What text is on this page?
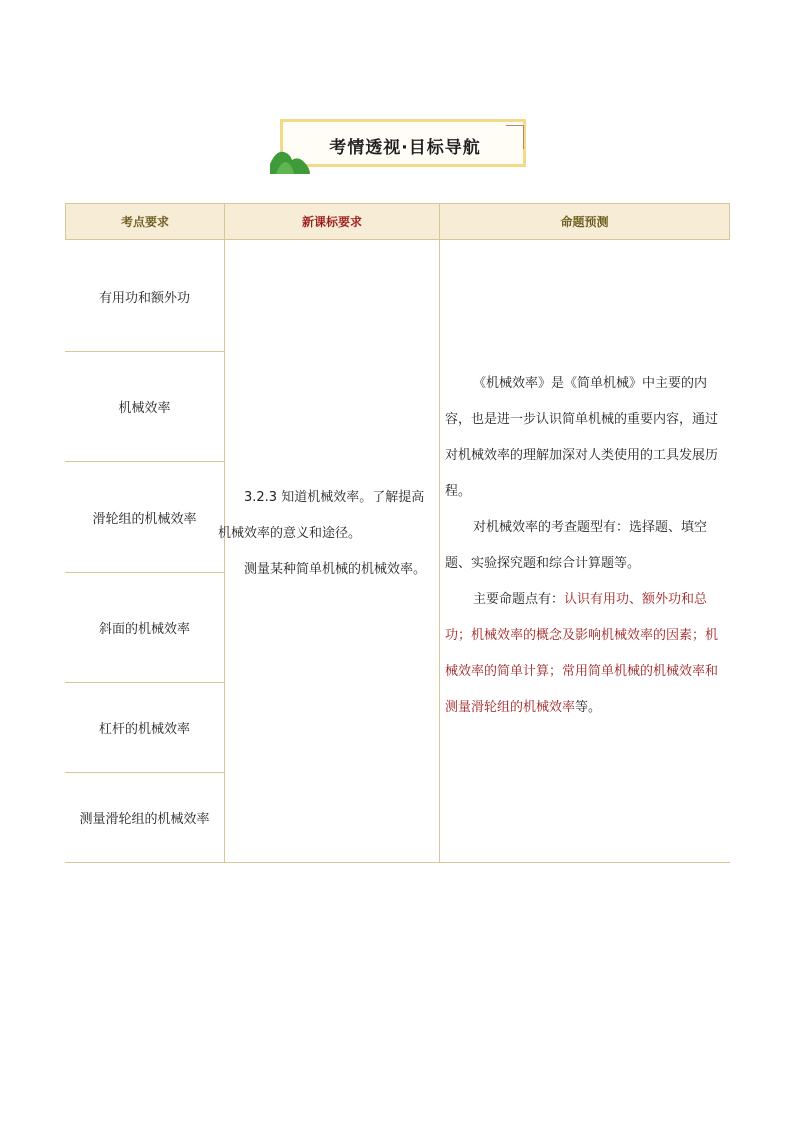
考情透视·目标导航
考点要求	新课标要求	命题预测
有用功和额外功
机械效率
滑轮组的机械效率
斜面的机械效率
杠杆的机械效率
测量滑轮组的机械效率

3.2.3 知道机械效率。了解提高机械效率的意义和途径。

测量某种简单机械的机械效率。

《机械效率》是《简单机械》中主要的内容，也是进一步认识简单机械的重要内容，通过对机械效率的理解加深对人类使用的工具发展历程。

对机械效率的考查题型有：选择题、填空题、实验探究题和综合计算题等。

主要命题点有：认识有用功、额外功和总功；机械效率的概念及影响机械效率的因素；机械效率的简单计算；常用简单机械的机械效率和测量滑轮组的机械效率等。
